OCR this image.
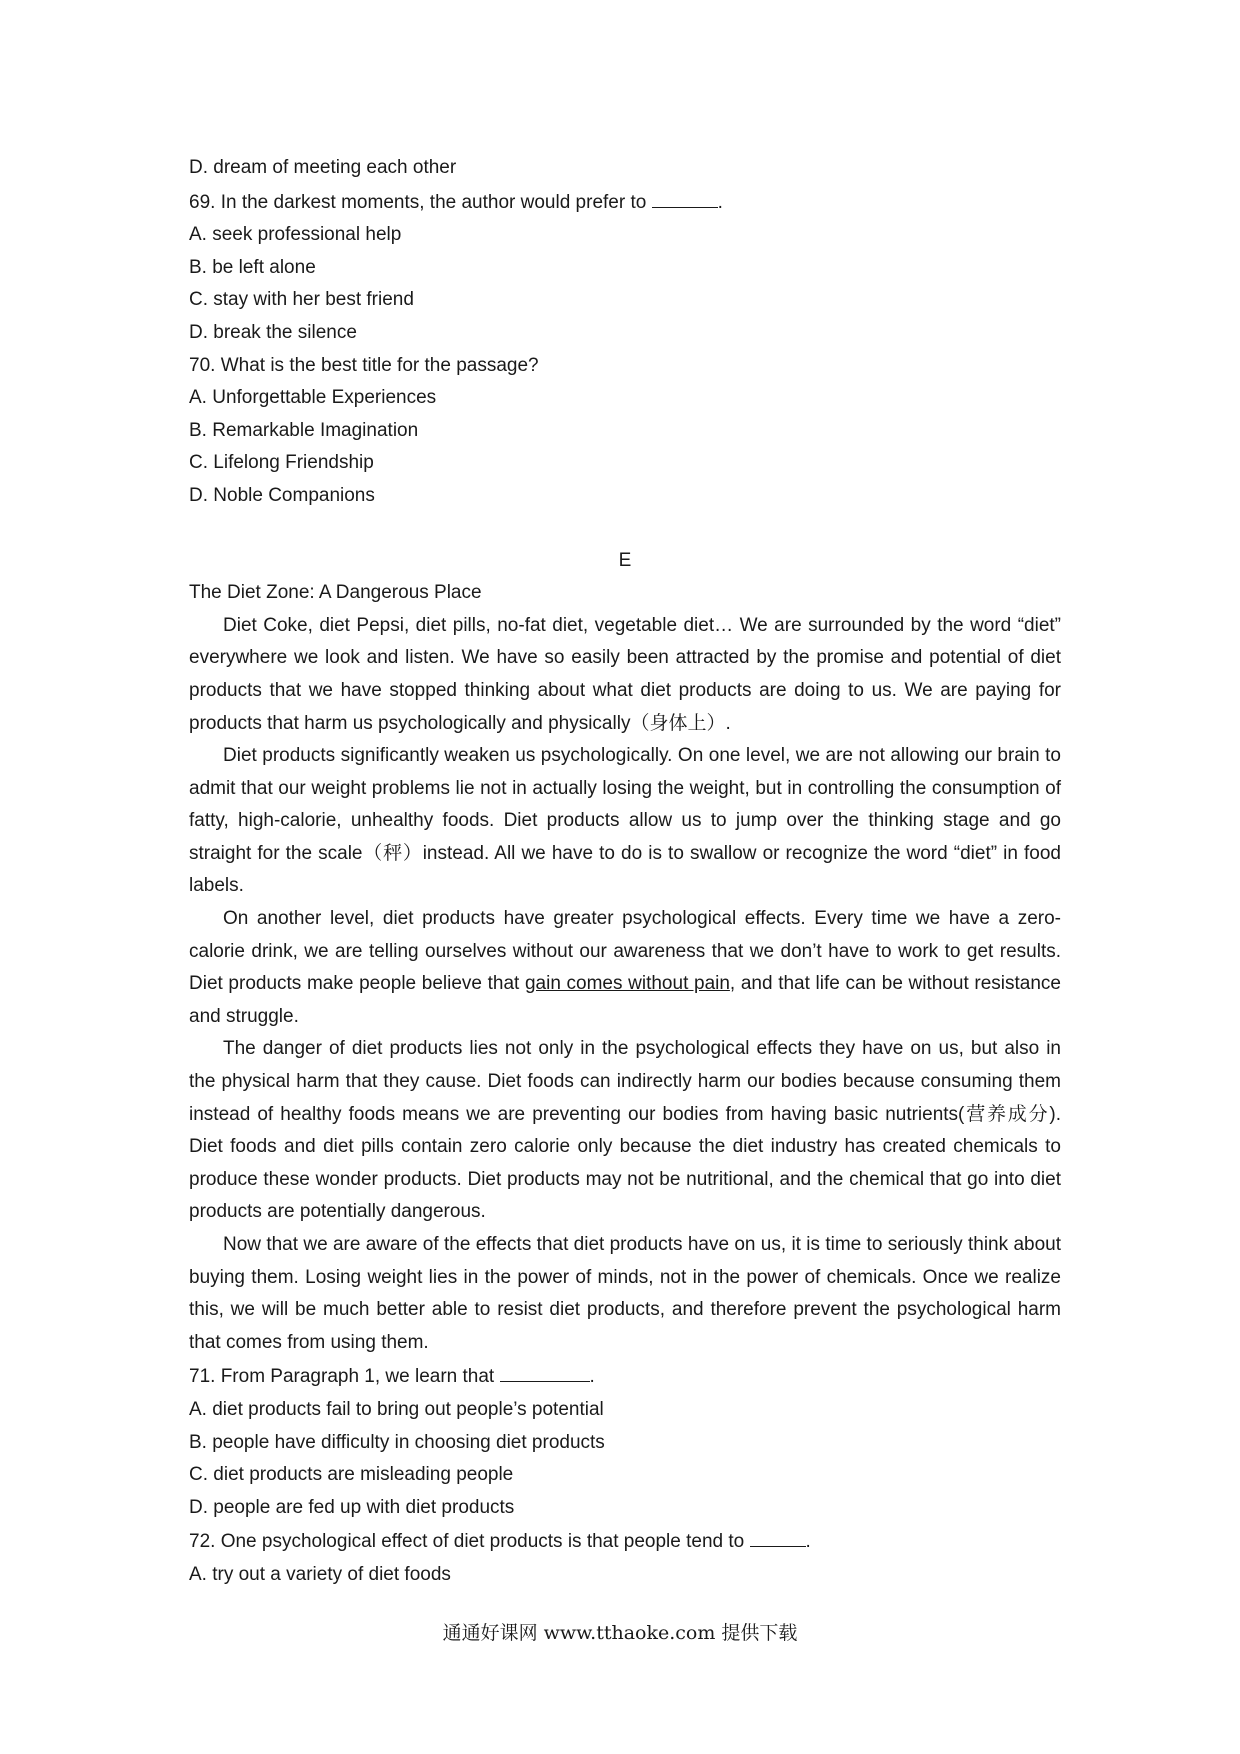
D. dream of meeting each other

69. In the darkest moments, the author would prefer to	.

A. seek professional help

B. be left alone

C. stay with her best friend

D. break the silence

70. What is the best title for the passage?

A. Unforgettable Experiences

B. Remarkable Imagination

C. Lifelong Friendship

D. Noble Companions

E

The Diet Zone: A Dangerous Place

Diet Coke, diet Pepsi, diet pills, no-fat diet, vegetable diet… We are surrounded by the word “diet” everywhere we look and listen. We have so easily been attracted by the promise and potential of diet products that we have stopped thinking about what diet products are doing to us. We are paying for products that harm us psychologically and physically（身体上）.

Diet products significantly weaken us psychologically. On one level, we are not allowing our brain to admit that our weight problems lie not in actually losing the weight, but in controlling the consumption of fatty, high-calorie, unhealthy foods. Diet products allow us to jump over the thinking stage and go straight for the scale（秤）instead. All we have to do is to swallow or recognize the word “diet” in food labels.

On another level, diet products have greater psychological effects. Every time we have a zero-calorie drink, we are telling ourselves without our awareness that we don’t have to work to get results. Diet products make people believe that gain comes without pain, and that life can be without resistance and struggle.

The danger of diet products lies not only in the psychological effects they have on us, but also in the physical harm that they cause. Diet foods can indirectly harm our bodies because consuming them instead of healthy foods means we are preventing our bodies from having basic nutrients(营养成分). Diet foods and diet pills contain zero calorie only because the diet industry has created chemicals to produce these wonder products. Diet products may not be nutritional, and the chemical that go into diet products are potentially dangerous.

Now that we are aware of the effects that diet products have on us, it is time to seriously think about buying them. Losing weight lies in the power of minds, not in the power of chemicals. Once we realize this, we will be much better able to resist diet products, and therefore prevent the psychological harm that comes from using them.

71. From Paragraph 1, we learn that	.

A. diet products fail to bring out people’s potential

B. people have difficulty in choosing diet products

C. diet products are misleading people

D. people are fed up with diet products

72. One psychological effect of diet products is that people tend to	.

A. try out a variety of diet foods

通通好课网 www.tthaoke.com 提供下载
